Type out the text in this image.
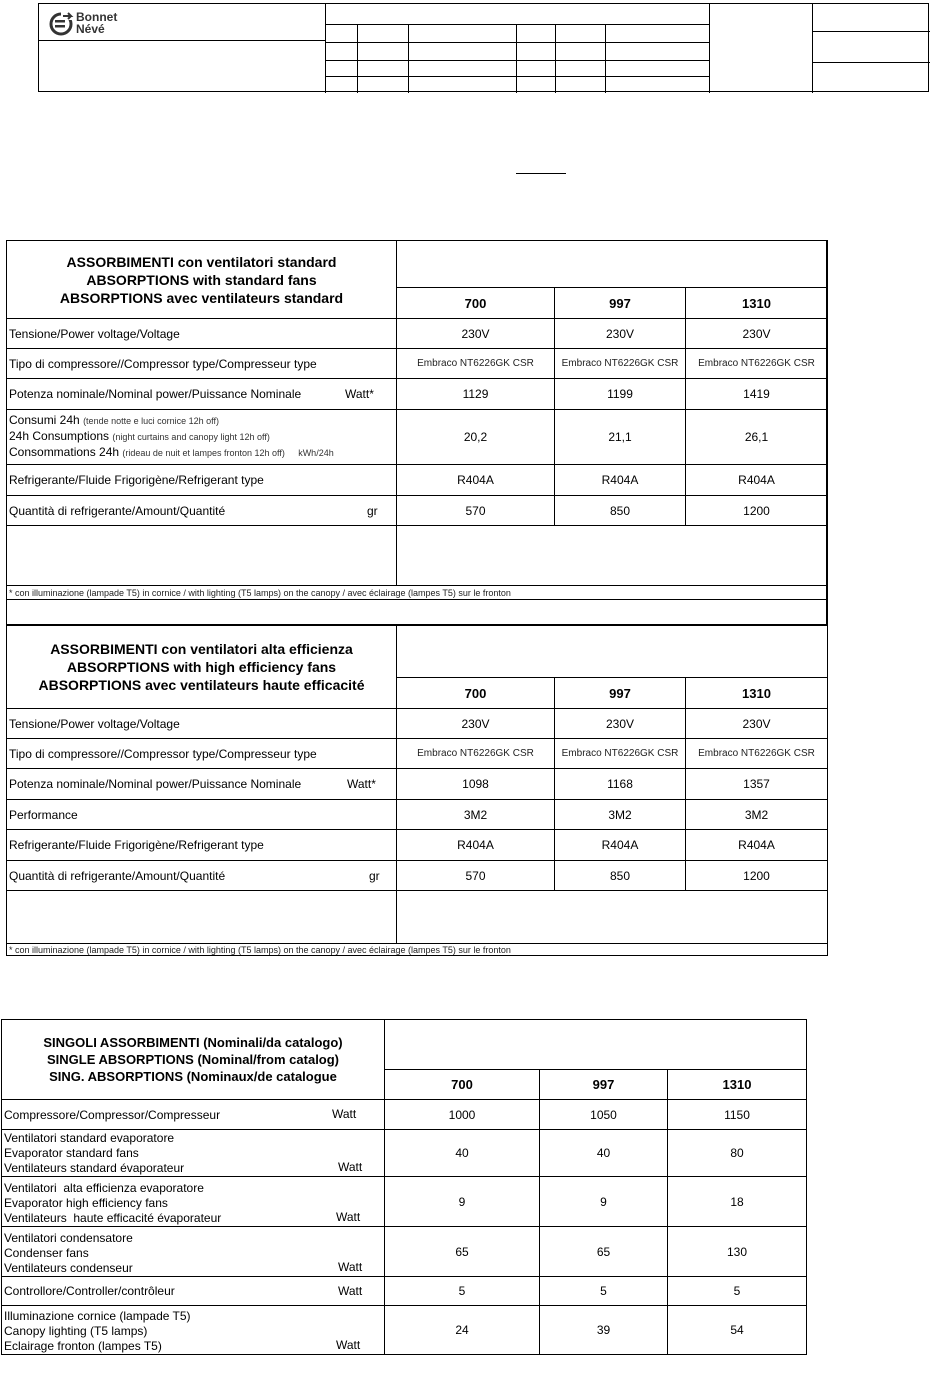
Bonnet
Névé
ASSORBIMENTI con ventilatori standard
ABSORPTIONS with standard fans
ABSORPTIONS avec ventilateurs standard			

	700	997	1310
Tensione/Power voltage/Voltage	230V	230V	230V
Tipo di compressore//Compressor type/Compresseur type	Embraco NT6226GK CSR	Embraco NT6226GK CSR	Embraco NT6226GK CSR
Potenza nominale/Nominal power/Puissance Nominale Watt*	1129	1199	1419

Consumi 24h (tende notte e luci cornice 12h off)
24h Consumptions (night curtains and canopy light 12h off)
Consommations 24h (rideau de nuit et lampes fronton 12h off) kWh/24h	20,2	21,1	26,1
Refrigerante/Fluide Frigorigène/Refrigerant type	R404A	R404A	R404A
Quantità di refrigerante/Amount/Quantité gr	570	850	1200

* con illuminazione (lampade T5) in cornice / with lighting (T5 lamps) on the canopy / avec éclairage (lampes T5) sur le fronton			

ASSORBIMENTI con ventilatori alta efficienza
ABSORPTIONS with high efficiency fans
ABSORPTIONS avec ventilateurs haute efficacité			

	700	997	1310
Tensione/Power voltage/Voltage	230V	230V	230V
Tipo di compressore//Compressor type/Compresseur type	Embraco NT6226GK CSR	Embraco NT6226GK CSR	Embraco NT6226GK CSR
Potenza nominale/Nominal power/Puissance Nominale Watt*	1098	1168	1357
Performance	3M2	3M2	3M2
Refrigerante/Fluide Frigorigène/Refrigerant type	R404A	R404A	R404A
Quantità di refrigerante/Amount/Quantité gr	570	850	1200

* con illuminazione (lampade T5) in cornice / with lighting (T5 lamps) on the canopy / avec éclairage (lampes T5) sur le fronton			
SINGOLI ASSORBIMENTI (Nominali/da catalogo)
SINGLE ABSORPTIONS (Nominal/from catalog)
SING. ABSORPTIONS (Nominaux/de catalogue			

	700	997	1310
Compressore/Compressor/Compresseur Watt	1000	1050	1150

Ventilatori standard evaporatore
Evaporator standard fans
Ventilateurs standard évaporateur Watt	40	40	80

Ventilatori  alta efficienza evaporatore
Evaporator high efficiency fans
Ventilateurs  haute efficacité évaporateur Watt	9	9	18

Ventilatori condensatore
Condenser fans
Ventilateurs condenseur Watt	65	65	130
Controllore/Controller/contrôleur Watt	5	5	5

Illuminazione cornice (lampade T5)
Canopy lighting (T5 lamps)
Eclairage fronton (lampes T5) Watt	24	39	54
